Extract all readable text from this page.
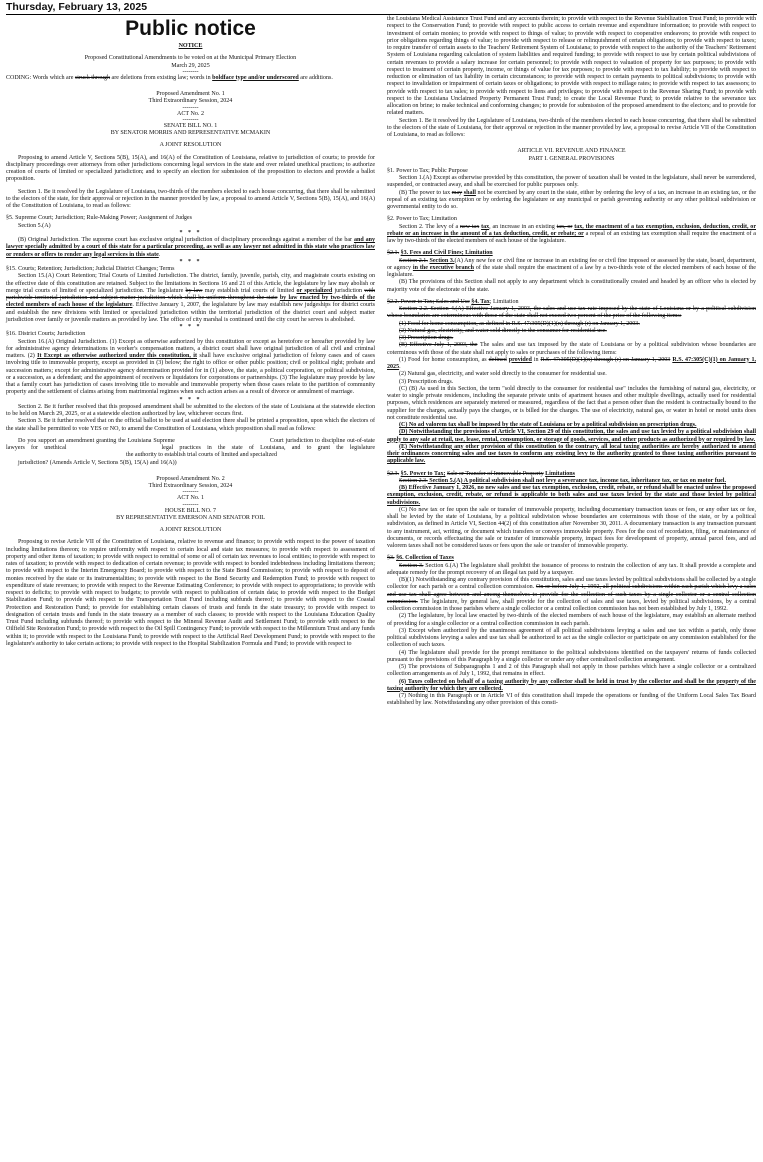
Thursday, February 13, 2025
Public notice

NOTICE

Proposed Constitutional Amendments to be voted on at the Municipal Primary Election

March 29, 2025

--------

CODING: Words which are struck through are deletions from existing law; words in boldface type and/or underscored are additions.

Proposed Amendment No. 1

Third Extraordinary Session, 2024

--------

ACT No. 2

--------

SENATE BILL NO. 1

BY SENATOR MORRIS AND REPRESENTATIVE MCMAKIN

A JOINT RESOLUTION

Proposing to amend Article V, Sections 5(B), 15(A), and 16(A) of the Constitution of Louisiana, relative to jurisdiction of courts; to provide for disciplinary proceedings over attorneys from other jurisdictions concerning legal services in the state and over related unethical practices; to authorize creation of courts of limited or specialized jurisdiction; and to specify an election for submission of the proposition to electors and provide a ballot proposition.

Section 1. Be it resolved by the Legislature of Louisiana, two-thirds of the members elected to each house concurring, that there shall be submitted to the electors of the state, for their approval or rejection in the manner provided by law, a proposal to amend Article V, Sections 5(B), 15(A), and 16(A) of the Constitution of Louisiana, to read as follows:

§5. Supreme Court; Jurisdiction; Rule-Making Power; Assignment of Judges

Section 5.(A)

* * *

(B) Original Jurisdiction. The supreme court has exclusive original jurisdiction of disciplinary proceedings against a member of the bar and any lawyer specially admitted by a court of this state for a particular proceeding, as well as any lawyer not admitted in this state who practices law or renders or offers to render any legal services in this state.

* * *

§15. Courts; Retention; Jurisdiction; Judicial District Changes; Terms

Section 15.(A) Court Retention; Trial Courts of Limited Jurisdiction. The district, family, juvenile, parish, city, and magistrate courts existing on the effective date of this constitution are retained. Subject to the limitations in Sections 16 and 21 of this Article, the legislature by law may abolish or merge trial courts of limited or specialized jurisdiction. The legislature by law may establish trial courts of limited or specialized jurisdiction with parishwide territorial jurisdiction and subject matter jurisdiction which shall be uniform throughout the state by law enacted by two-thirds of the elected members of each house of the legislature. Effective January 1, 2007, the legislature by law may establish new judgeships for district courts and establish the new divisions with limited or specialized jurisdiction within the territorial jurisdiction of the district court and subject matter jurisdiction over family or juvenile matters as provided by law. The office of city marshal is continued until the city court he serves is abolished.

* * *

§16. District Courts; Jurisdiction

Section 16.(A) Original Jurisdiction. (1) Except as otherwise authorized by this constitution or except as heretofore or hereafter provided by law for administrative agency determinations in worker's compensation matters, a district court shall have original jurisdiction of all civil and criminal matters. (2) It Except as otherwise authorized under this constitution, it shall have exclusive original jurisdiction of felony cases and of cases involving title to immovable property, except as provided in (3) below; the right to office or other public position; civil or political right; probate and succession matters; except for administrative agency determination provided for in (1) above, the state, a political corporation, or political subdivision, or a succession, as a defendant; and the appointment of receivers or liquidators for corporations or partnerships. (3) The legislature may provide by law that a family court has jurisdiction of cases involving title to movable and immovable property when those cases relate to the partition of community property and the settlement of claims arising from matrimonial regimes when such action arises as a result of divorce or annulment of marriage.

* * *

Section 2. Be it further resolved that this proposed amendment shall be submitted to the electors of the state of Louisiana at the statewide election to be held on March 29, 2025, or at a statewide election authorized by law, whichever occurs first.

Section 3. Be it further resolved that on the official ballot to be used at said election there shall be printed a proposition, upon which the electors of the state shall be permitted to vote YES or NO, to amend the Constitution of Louisiana, which proposition shall read as follows:

Do you support an amendment granting the Louisiana Supreme	Court jurisdiction to discipline out-of-state lawyers for unethical	legal practices in the state of Louisiana, and to grant the legislaturethe authority to establish trial courts of limited and specialized

jurisdiction? (Amends Article V, Sections 5(B), 15(A) and 16(A))

Proposed Amendment No. 2

Third Extraordinary Session, 2024

--------

ACT No. 1

--------

HOUSE BILL NO. 7

BY REPRESENTATIVE EMERSON AND SENATOR FOIL

A JOINT RESOLUTION

Proposing to revise Article VII of the Constitution of Louisiana, relative to revenue and finance; to provide with respect to the power of taxation including limitations thereon; to require uniformity with respect to certain local and state tax measures; to provide with respect to assessment of property and other items of taxation; to provide with respect to remittal of some or all of certain tax revenues to local entities; to provide with respect to rates of taxation; to provide with respect to dedication of certain revenue; to provide with respect to bonded indebtedness including limitations thereon; to provide with respect to the Interim Emergency Board; to provide with respect to the State Bond Commission; to provide with respect to deposit of monies received by the state or its instrumentalities; to provide with respect to the Bond Security and Redemption Fund; to provide with respect to expenditure of state revenues; to provide with respect to the Revenue Estimating Conference; to provide with respect to appropriations; to provide with respect to deficits; to provide with respect to budgets; to provide with respect to publication of certain data; to provide with respect to the Budget Stabilization Fund; to provide with respect to the Transportation Trust Fund including subfunds thereof; to provide with respect to the Coastal Protection and Restoration Fund; to provide for establishing certain classes of trusts and funds in the state treasury; to provide with respect to designation of certain trusts and funds in the state treasury as a member of such classes; to provide with respect to the Louisiana Education Quality Trust Fund including subfunds thereof; to provide with respect to the Mineral Revenue Audit and Settlement Fund; to provide with respect to the Oilfield Site Restoration Fund; to provide with respect to the Oil Spill Contingency Fund; to provide with respect to the Millennium Trust and any funds within it; to provide with respect to the Louisiana Fund; to provide with respect to the Artificial Reef Development Fund; to provide with respect to the legislature's authority to take certain actions; to provide with respect to the Hospital Stabilization Formula and Fund; to provide with respect to

the Louisiana Medical Assistance Trust Fund and any accounts therein; to provide with respect to the Revenue Stabilization Trust Fund; to provide with respect to the Conservation Fund; to provide with respect to public access to certain revenue and expenditure information; to provide with respect to investment of certain monies; to provide with respect to things of value; to provide with respect to cooperative endeavors; to provide with respect to prior obligations regarding things of value; to provide with respect to release or relinquishment of certain obligations; to provide with respect to taxes; to require transfer of certain assets to the Teachers' Retirement System of Louisiana; to provide with respect to the authority of the Teachers' Retirement System of Louisiana regarding calculation of system liabilities and required funding; to provide with respect to use by certain political subdivisions of certain revenues to provide a salary increase for certain personnel; to provide with respect to valuation of property for tax purposes; to provide with respect to treatment of certain property, income, or things of value for tax purposes; to provide with respect to tax liability; to provide with respect to reduction or elimination of tax liability in certain circumstances; to provide with respect to certain payments to political subdivisions; to provide with respect to invalidation or impairment of certain taxes or obligations; to provide with respect to millage rates; to provide with respect to tax assessors; to provide with respect to tax sales; to provide with respect to liens and privileges; to provide with respect to the Revenue Sharing Fund; to provide with respect to the Louisiana Unclaimed Property Permanent Trust Fund; to create the Local Revenue Fund; to provide relative to the severance tax allocation on brine; to make technical and conforming changes; to provide for submission of the proposed amendment to the electors; and to provide for related matters.

Section 1. Be it resolved by the Legislature of Louisiana, two-thirds of the members elected to each house concurring, that there shall be submitted to the electors of the state of Louisiana, for their approval or rejection in the manner provided by law, a proposal to revise Article VII of the Constitution of Louisiana, to read as follows:

ARTICLE VII. REVENUE AND FINANCE

PART I. GENERAL PROVISIONS

§1. Power to Tax; Public Purpose

Section 1.(A) Except as otherwise provided by this constitution, the power of taxation shall be vested in the legislature, shall never be surrendered, suspended, or contracted away, and shall be exercised for public purposes only.

(B) The power to tax may shall not be exercised by any court in the state, either by ordering the levy of a tax, an increase in an existing tax, or the repeal of an existing tax exemption or by ordering the legislature or any municipal or parish governing authority or any other political subdivision or governmental entity to do so.

§2. Power to Tax; Limitation

Section 2. The levy of a new tax tax, an increase in an existing tax, or tax, the enactment of a tax exemption, exclusion, deduction, credit, or rebate or an increase in the amount of a tax deduction, credit, or rebate; or a repeal of an existing tax exemption shall require the enactment of a law by two-thirds of the elected members of each house of the legislature.

§2.1. §3. Fees and Civil Fines; Limitation

Section 2.1. Section 3.(A) Any new fee or civil fine or increase in an existing fee or civil fine imposed or assessed by the state, board, department, or agency in the executive branch of the state shall require the enactment of a law by a two-thirds vote of the elected members of each house of the legislature.

(B) The provisions of this Section shall not apply to any department which is constitutionally created and headed by an officer who is elected by majority vote of the electorate of the state.

§2.2. Power to Tax; Sales and Use §4. Tax; Limitation

Section 2.2. Section 4.(A) Effective January 1, 2003, the sales and use tax rate imposed by the state of Louisiana or by a political subdivision whose boundaries are coterminous with those of the state shall not exceed two percent of the price of the following items:

(1) Food for home consumption, as defined in R.S. 47:305(D)(1)(n) through (r) on January 1, 2003.

(2) Natural gas, electricity, and water sold directly to the consumer for residential use.

(3) Prescription drugs.

(B) Effective July 1, 2003, the The sales and use tax imposed by the state of Louisiana or by a political subdivision whose boundaries are coterminous with those of the state shall not apply to sales or purchases of the following items:

(1) Food for home consumption, as defined provided in R.S. 47:305(D)(1)(n) through (r) on January 1, 2003 R.S. 47:305(C)(1) on January 1, 2025.

(2) Natural gas, electricity, and water sold directly to the consumer for residential use.

(3) Prescription drugs.

(C) (B) As used in this Section, the term "sold directly to the consumer for residential use" includes the furnishing of natural gas, electricity, or water to single private residences, including the separate private units of apartment houses and other multiple dwellings, actually used for residential purposes, which residences are separately metered or measured, regardless of the fact that a person other than the resident is contractually bound to the supplier for the charges, actually pays the charges, or is billed for the charges. The use of electricity, natural gas, or water in hotel or motel units does not constitute residential use.

(C) No ad valorem tax shall be imposed by the state of Louisiana or by a political subdivision on prescription drugs.

(D) Notwithstanding the provisions of Article VI, Section 29 of this constitution, the sales and use tax levied by a political subdivision shall apply to any sale at retail, use, lease, rental, consumption, or storage of goods, services, and other products as authorized by or required by law.

(E) Notwithstanding any other provision of this constitution to the contrary, all local taxing authorities are hereby authorized to amend their ordinances concerning sales and use taxes to conform any existing levy to the authority granted to those taxing authorities pursuant to applicable law.

§2.3. §5. Power to Tax; Sale or Transfer of Immovable Property Limitations

Section 2.3. Section 5.(A) A political subdivision shall not levy a severance tax, income tax, inheritance tax, or tax on motor fuel.

(B) Effective January 1, 2026, no new sales and use tax exemption, exclusion, credit, rebate, or refund shall be enacted unless the proposed exemption, exclusion, credit, rebate, or refund is applicable to both sales and use taxes levied by the state and those levied by political subdivisions.

(C) No new tax or fee upon the sale or transfer of immovable property, including documentary transaction taxes or fees, or any other tax or fee, shall be levied by the state of Louisiana, by a political subdivision whose boundaries are coterminous with those of the state, or by a political subdivision, as defined in Article VI, Section 44(2) of this constitution after November 30, 2011. A documentary transaction is any transaction pursuant to any instrument, act, writing, or document which transfers or conveys immovable property. Fees for the cost of recordation, filing, or maintenance of documents, or records effectuating the sale or transfer of immovable property, impact fees for development of property, annual parcel fees, and ad valorem taxes shall not be considered taxes or fees upon the sale or transfer of immovable property.

§3. §6. Collection of Taxes

Section 3. Section 6.(A) The legislature shall prohibit the issuance of process to restrain the collection of any tax. It shall provide a complete and adequate remedy for the prompt recovery of an illegal tax paid by a taxpayer.

(B)(1) Notwithstanding any contrary provision of this constitution, sales and use taxes levied by political subdivisions shall be collected by a single collector for each parish or a central collection commission. On or before July 1, 1992, all political subdivisions within each parish which levy a sales and use tax shall agree between and among themselves to provide for the collection of such taxes by a single collector or a central collection commission. The legislature, by general law, shall provide for the collection of sales and use taxes, levied by political subdivisions, by a central collection commission in those parishes where a single collector or a central collection commission has not been established by July 1, 1992.

(2) The legislature, by local law enacted by two-thirds of the elected members of each house of the legislature, may establish an alternate method of providing for a single collector or a central collection commission in each parish.

(3) Except when authorized by the unanimous agreement of all political subdivisions levying a sales and use tax within a parish, only those political subdivisions levying a sales and use tax shall be authorized to act as the single collector or participate on any commission established for the collection of such taxes.

(4) The legislature shall provide for the prompt remittance to the political subdivisions identified on the taxpayers' returns of funds collected pursuant to the provisions of this Paragraph by a single collector or under any other centralized collection arrangement.

(5) The provisions of Subparagraphs 1 and 2 of this Paragraph shall not apply in those parishes which have a single collector or a centralized collection arrangements as of July 1, 1992, that remains in effect.

(6) Taxes collected on behalf of a taxing authority by any collector shall be held in trust by the collector and shall be the property of the taxing authority for which they are collected.

(7) Nothing in this Paragraph or in Article VI of this constitution shall impede the operations or funding of the Uniform Local Sales Tax Board established by law. Notwithstanding any other provision of this consti-
